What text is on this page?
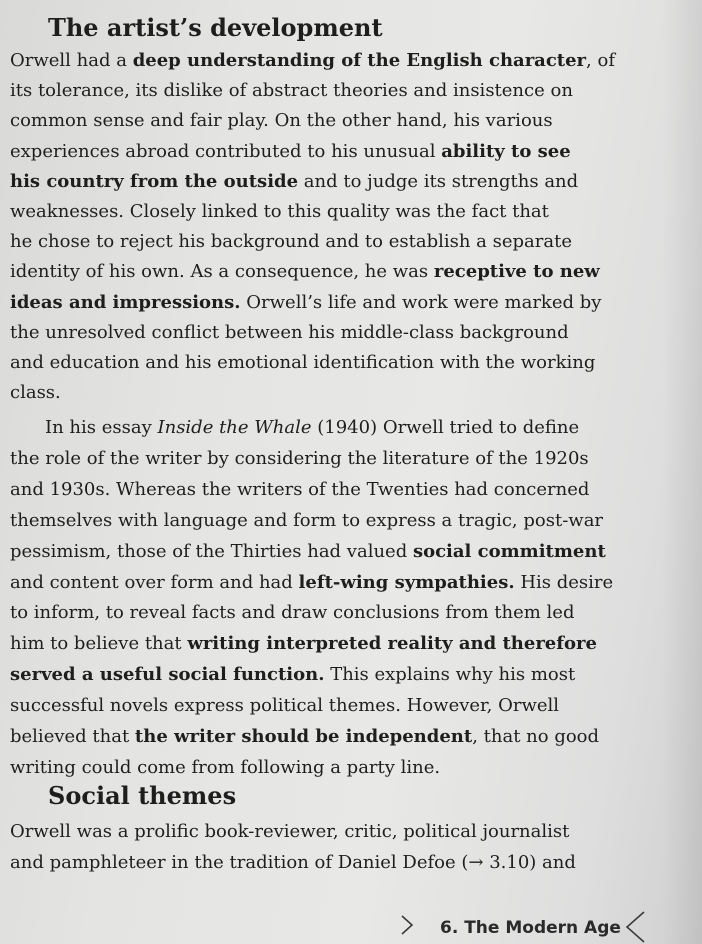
The artist’s development
Orwell had a deep understanding of the English character, of
its tolerance, its dislike of abstract theories and insistence on
common sense and fair play. On the other hand, his various
experiences abroad contributed to his unusual ability to see
his country from the outside and to judge its strengths and
weaknesses. Closely linked to this quality was the fact that
he chose to reject his background and to establish a separate
identity of his own. As a consequence, he was receptive to new
ideas and impressions. Orwell’s life and work were marked by
the unresolved conflict between his middle-class background
and education and his emotional identification with the working
class.
In his essay Inside the Whale (1940) Orwell tried to define
the role of the writer by considering the literature of the 1920s
and 1930s. Whereas the writers of the Twenties had concerned
themselves with language and form to express a tragic, post-war
pessimism, those of the Thirties had valued social commitment
and content over form and had left-wing sympathies. His desire
to inform, to reveal facts and draw conclusions from them led
him to believe that writing interpreted reality and therefore
served a useful social function. This explains why his most
successful novels express political themes. However, Orwell
believed that the writer should be independent, that no good
writing could come from following a party line.
Social themes
Orwell was a prolific book-reviewer, critic, political journalist
and pamphleteer in the tradition of Daniel Defoe (→ 3.10) and
6. The Modern Age
